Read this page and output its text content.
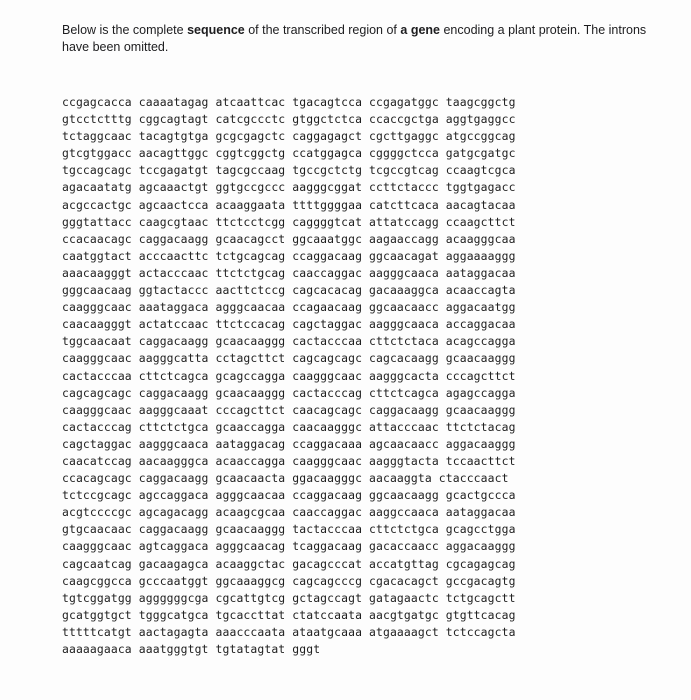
Below is the complete sequence of the transcribed region of a gene encoding a plant protein. The introns have been omitted.
ccgagcacca caaaatagag atcaattcac tgacagtcca ccgagatggc taagcggctg
gtcctctttg cggcagtagt catcgccctc gtggctctca ccaccgctga aggtgaggcc
tctaggcaac tacagtgtga gcgcgagctc caggagagct cgcttgaggc atgccggcag
gtcgtggacc aacagttggc cggtcggctg ccatggagca cggggctcca gatgcgatgc
tgccagcagc tccgagatgt tagcgccaag tgccgctctg tcgccgtcag ccaagtcgca
agacaatatg agcaaactgt ggtgccgccc aagggcggat ccttctaccc tggtgagacc
acgccactgc agcaactcca acaaggaata ttttggggaa catcttcaca aacagtacaa
gggtattacc caagcgtaac ttctcctcgg caggggtcat attatccagg ccaagcttct
ccacaacagc caggacaagg gcaacagcct ggcaaatggc aagaaccagg acaagggcaa
caatggtact acccaacttc tctgcagcag ccaggacaag ggcaacagat aggaaaaggg
aaacaagggt actacccaac ttctctgcag caaccaggac aagggcaaca aataggacaa
gggcaacaag ggtactaccc aacttctccg cagcacacag gacaaaggca acaaccagta
caagggcaac aaataggaca agggcaacaa ccagaacaag ggcaacaacc aggacaatgg
caacaagggt actatccaac ttctccacag cagctaggac aagggcaaca accaggacaa
tggcaacaat caggacaagg gcaacaaggg cactacccaa cttctctaca acagccagga
caagggcaac aagggcatta cctagcttct cagcagcagc cagcacaagg gcaacaaggg
cactacccaa cttctcagca gcagccagga caagggcaac aagggcacta cccagcttct
cagcagcagc caggacaagg gcaacaaggg cactacccag cttctcagca agagccagga
caagggcaac aagggcaaat cccagcttct caacagcagc caggacaagg gcaacaaggg
cactacccag cttctctgca gcaaccagga caacaagggc attacccaac ttctctacag
cagctaggac aagggcaaca aataggacag ccaggacaaa agcaacaacc aggacaaggg
caacatccag aacaagggca acaaccagga caagggcaac aagggtacta tccaacttct
ccacagcagc caggacaagg gcaacaacta ggacaagggc aacaaggta ctacccaact
tctccgcagc agccaggaca agggcaacaa ccaggacaag ggcaacaagg gcactgccca
acgtccccgc agcagacagg acaagcgcaa caaccaggac aaggccaaca aataggacaa
gtgcaacaac caggacaagg gcaacaaggg tactacccaa cttctctgca gcagcctgga
caagggcaac agtcaggaca agggcaacag tcaggacaag gacaccaacc aggacaaggg
cagcaatcag gacaagagca acaaggctac gacagcccat accatgttag cgcagagcag
caagcggcca gcccaatggt ggcaaaggcg cagcagcccg cgacacagct gccgacagtg
tgtcggatgg aggggggcga cgcattgtcg gctagccagt gatagaactc tctgcagctt
gcatggtgct tgggcatgca tgcaccttat ctatccaata aacgtgatgc gtgttcacag
tttttcatgt aactagagta aaacccaata ataatgcaaa atgaaaagct tctccagcta
aaaaagaaca aaatgggtgt tgtatagtat gggt
